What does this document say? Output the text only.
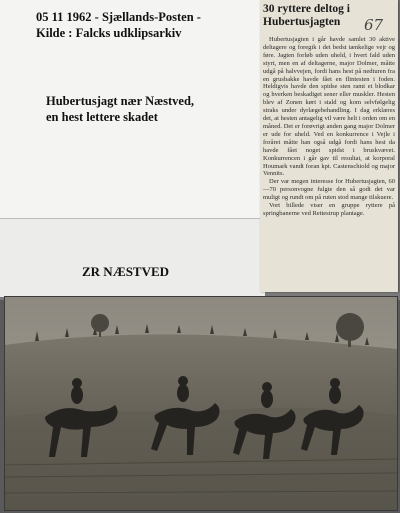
05 11 1962 - Sjællands-Posten -
Kilde : Falcks udklipsarkiv
Hubertusjagt nær Næstved,
en hest lettere skadet
ZR NÆSTVED
30 ryttere deltog i
Hubertusjagten	67

Hubertusjagten i går havde samlet 30 aktive deltagere og foregik i det bedst tænkelige vejr og føre. Jagten forløb uden uheld, i hvert fald uden styrt, men en af deltagerne, major Dolmer, måtte udgå på halvvejen, fordi hans hest på nedturen fra en grusbakke havde fået en flintesten i foden. Heldigvis havde den spidse sten ramt et blodkar og hverken beskadiget sener eller muskler. Hesten blev af Zonen kørt i stald og kom selvfølgelig straks under dyrlægebehandling. I dag erklæres det, at hesten antagelig vil være helt i orden om en måned. Det er forøvrigt anden gang major Dolmer er ude for uheld. Ved en konkurrence i Vejle i foråret måtte han også udgå fordi hans hest da havde fået noget spidst i bruskvævet. Konkurrencen i går gav til resultat, at korporal Houmark vandt foran kpt. Castenschiold og major Vennits.

Der var megen interesse for Hubertusjagten, 60—70 personvogne fulgte den så godt det var muligt og rundt om på ruten stod mange tilskuere.

Vort billede viser en gruppe ryttere på springbanerne ved Rettestrup plantage.
